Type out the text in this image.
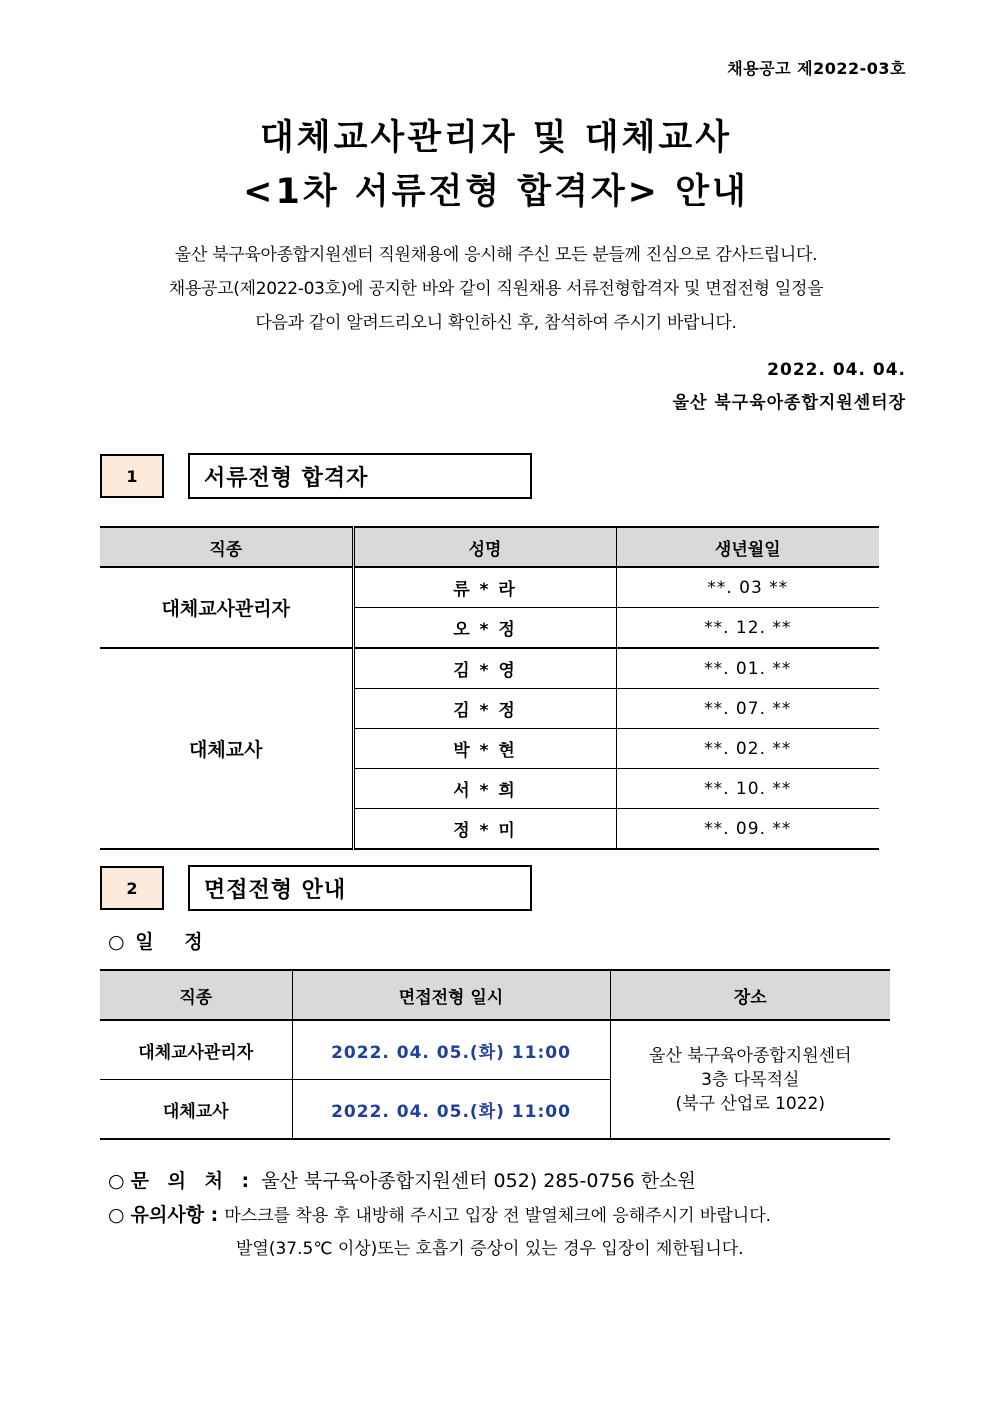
채용공고 제2022-03호
대체교사관리자 및 대체교사
<1차 서류전형 합격자> 안내
울산 북구육아종합지원센터 직원채용에 응시해 주신 모든 분들께 진심으로 감사드립니다.
채용공고(제2022-03호)에 공지한 바와 같이 직원채용 서류전형합격자 및 면접전형 일정을
다음과 같이 알려드리오니 확인하신 후, 참석하여 주시기 바랍니다.
2022. 04. 04.
울산 북구육아종합지원센터장
1	서류전형 합격자
직종	성명	생년월일
대체교사관리자	류 * 라	**. 03 **
	오 * 정	**. 12. **
대체교사	김 * 영	**. 01. **
	김 * 정	**. 07. **
	박 * 현	**. 02. **
	서 * 희	**. 10. **
	정 * 미	**. 09. **
2	면접전형 안내
○ 일 정
직종	면접전형 일시	장소
대체교사관리자	2022. 04. 05.(화) 11:00	울산 북구육아종합지원센터
3층 다목적실
(북구 산업로 1022)

대체교사	2022. 04. 05.(화) 11:00	
○ 문 의 처 : 울산 북구육아종합지원센터 052) 285-0756 한소원
○ 유의사항 : 마스크를 착용 후 내방해 주시고 입장 전 발열체크에 응해주시기 바랍니다.
발열(37.5℃ 이상)또는 호흡기 증상이 있는 경우 입장이 제한됩니다.
